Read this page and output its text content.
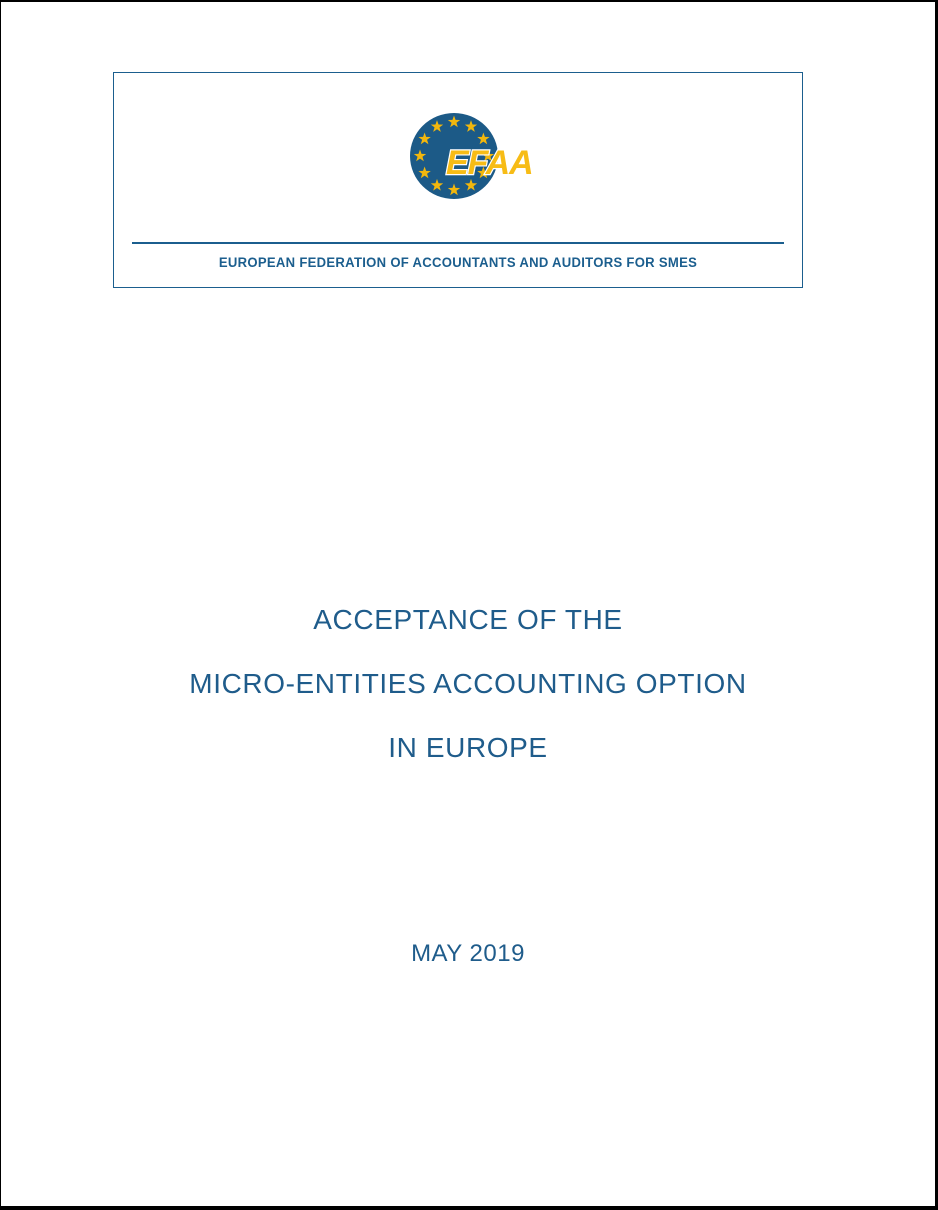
EFAA
EUROPEAN FEDERATION OF ACCOUNTANTS AND AUDITORS FOR SMES
ACCEPTANCE OF THE
MICRO-ENTITIES ACCOUNTING OPTION
IN EUROPE
MAY 2019
